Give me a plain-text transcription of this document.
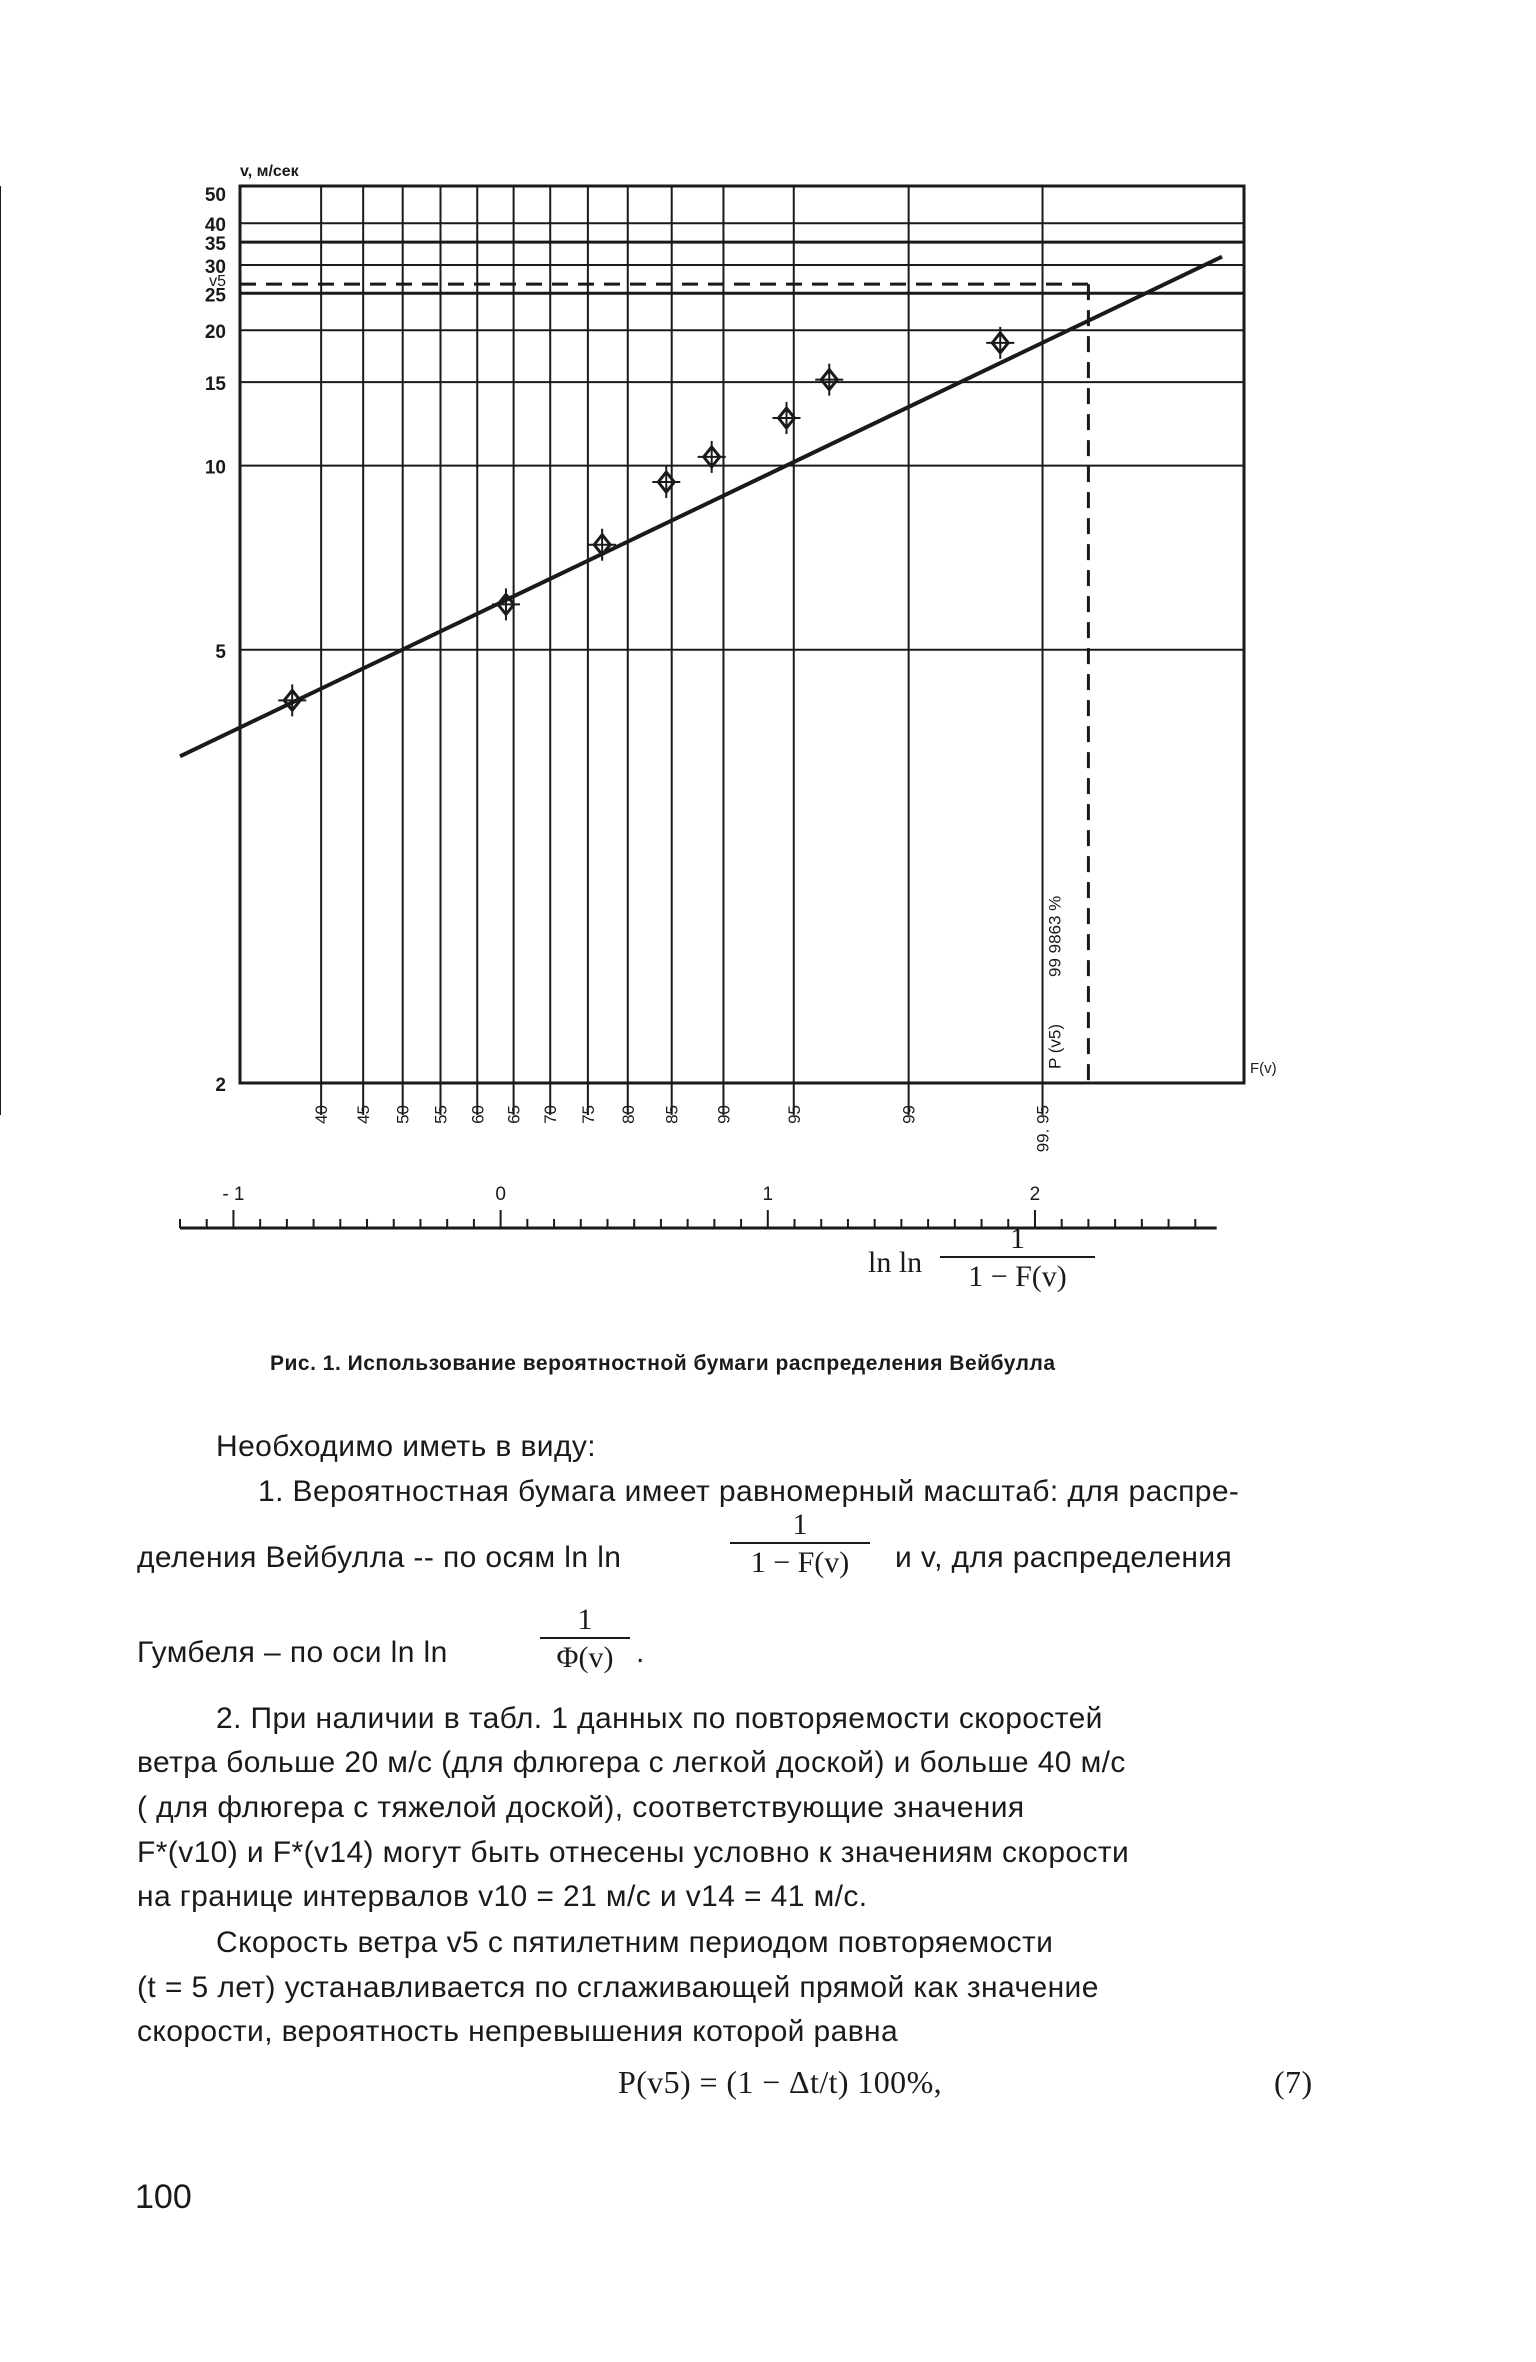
50
40
35
30
25
20
15
10
5
2
40 45 50 55 60 65 70 75 80 85 90	95	99	99. 95
v, м/сек
F(v)
v5
P (v5)
99 9863 %
- 1	0	1	2
$\ln \ln \frac{1}{1 - F(v)}$
Рис. 1. Использование вероятностной бумаги распределения Вейбулла
Необходимо иметь в виду:
1. Вероятностная бумага имеет равномерный масштаб: для распре-
деления Вейбулла -- по осям ln ln	$\frac{1}{1 - F(v)}$ и v, для распределения
Гумбеля – по оси ln ln	$\frac{1}{\Phi(v)}$ .
2. При наличии в табл. 1 данных по повторяемости скоростей
ветра больше 20 м/с (для флюгера с легкой доской) и больше 40 м/с
( для флюгера с тяжелой доской), соответствующие значения
F*(v10) и F*(v14) могут быть отнесены условно к значениям скорости
на границе интервалов v10 = 21 м/с и v14 = 41 м/с.
Скорость ветра v5 с пятилетним периодом повторяемости
(t = 5 лет) устанавливается по сглаживающей прямой как значение
скорости, вероятность непревышения которой равна
P(v5) = (1 − Δt/t) 100%,	(7)
100
